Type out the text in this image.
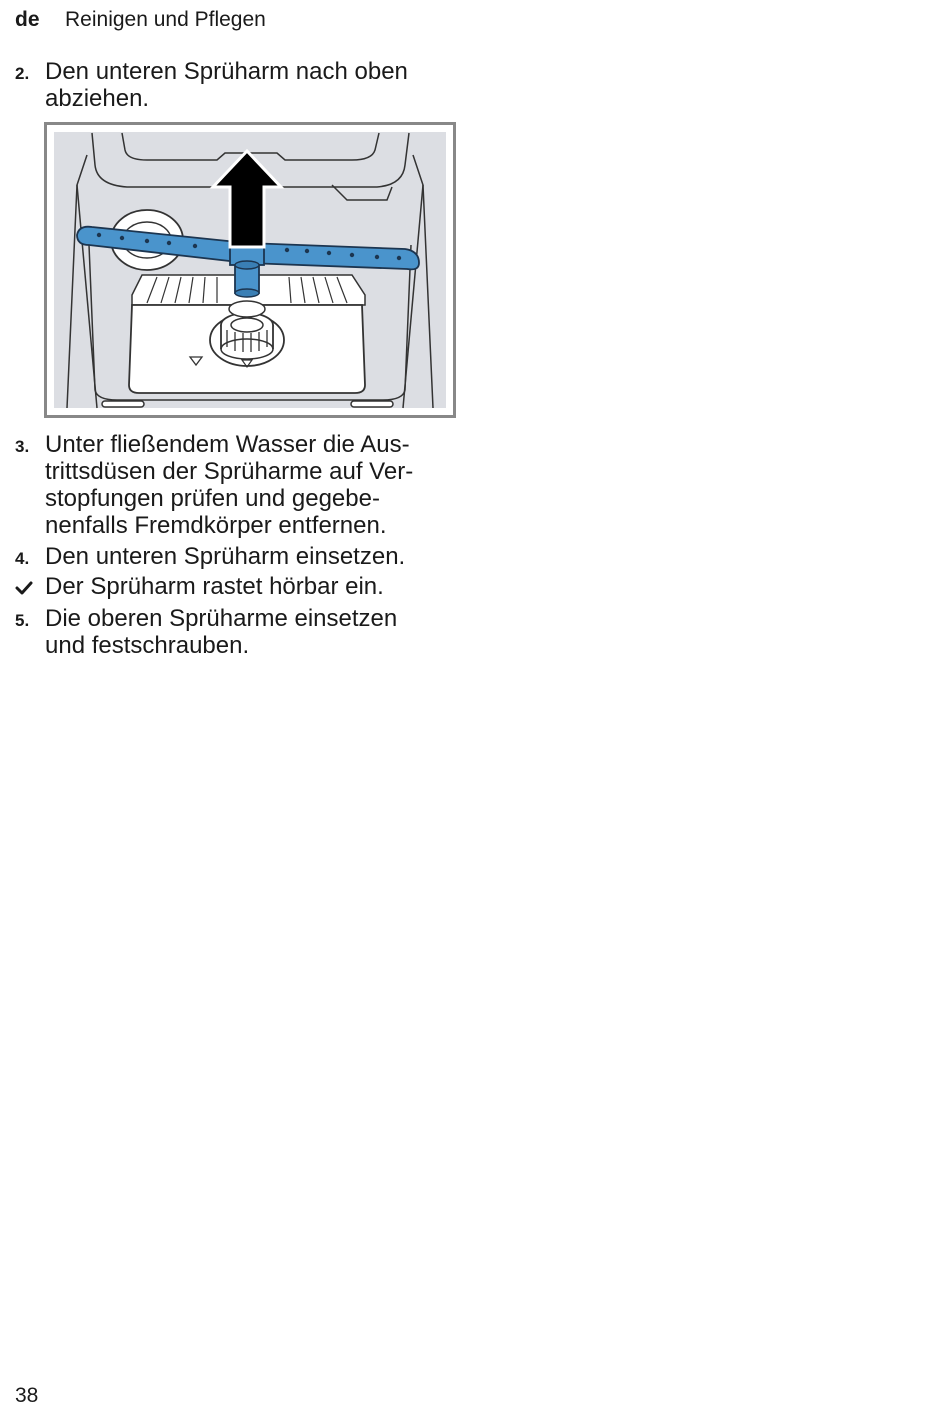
de Reinigen und Pflegen
2. Den unteren Sprüharm nach oben
abziehen.
3. Unter fließendem Wasser die Aus-
trittsdüsen der Sprüharme auf Ver-
stopfungen prüfen und gegebe-
nenfalls Fremdkörper entfernen.
4. Den unteren Sprüharm einsetzen.
Der Sprüharm rastet hörbar ein.
5. Die oberen Sprüharme einsetzen
und festschrauben.
38
